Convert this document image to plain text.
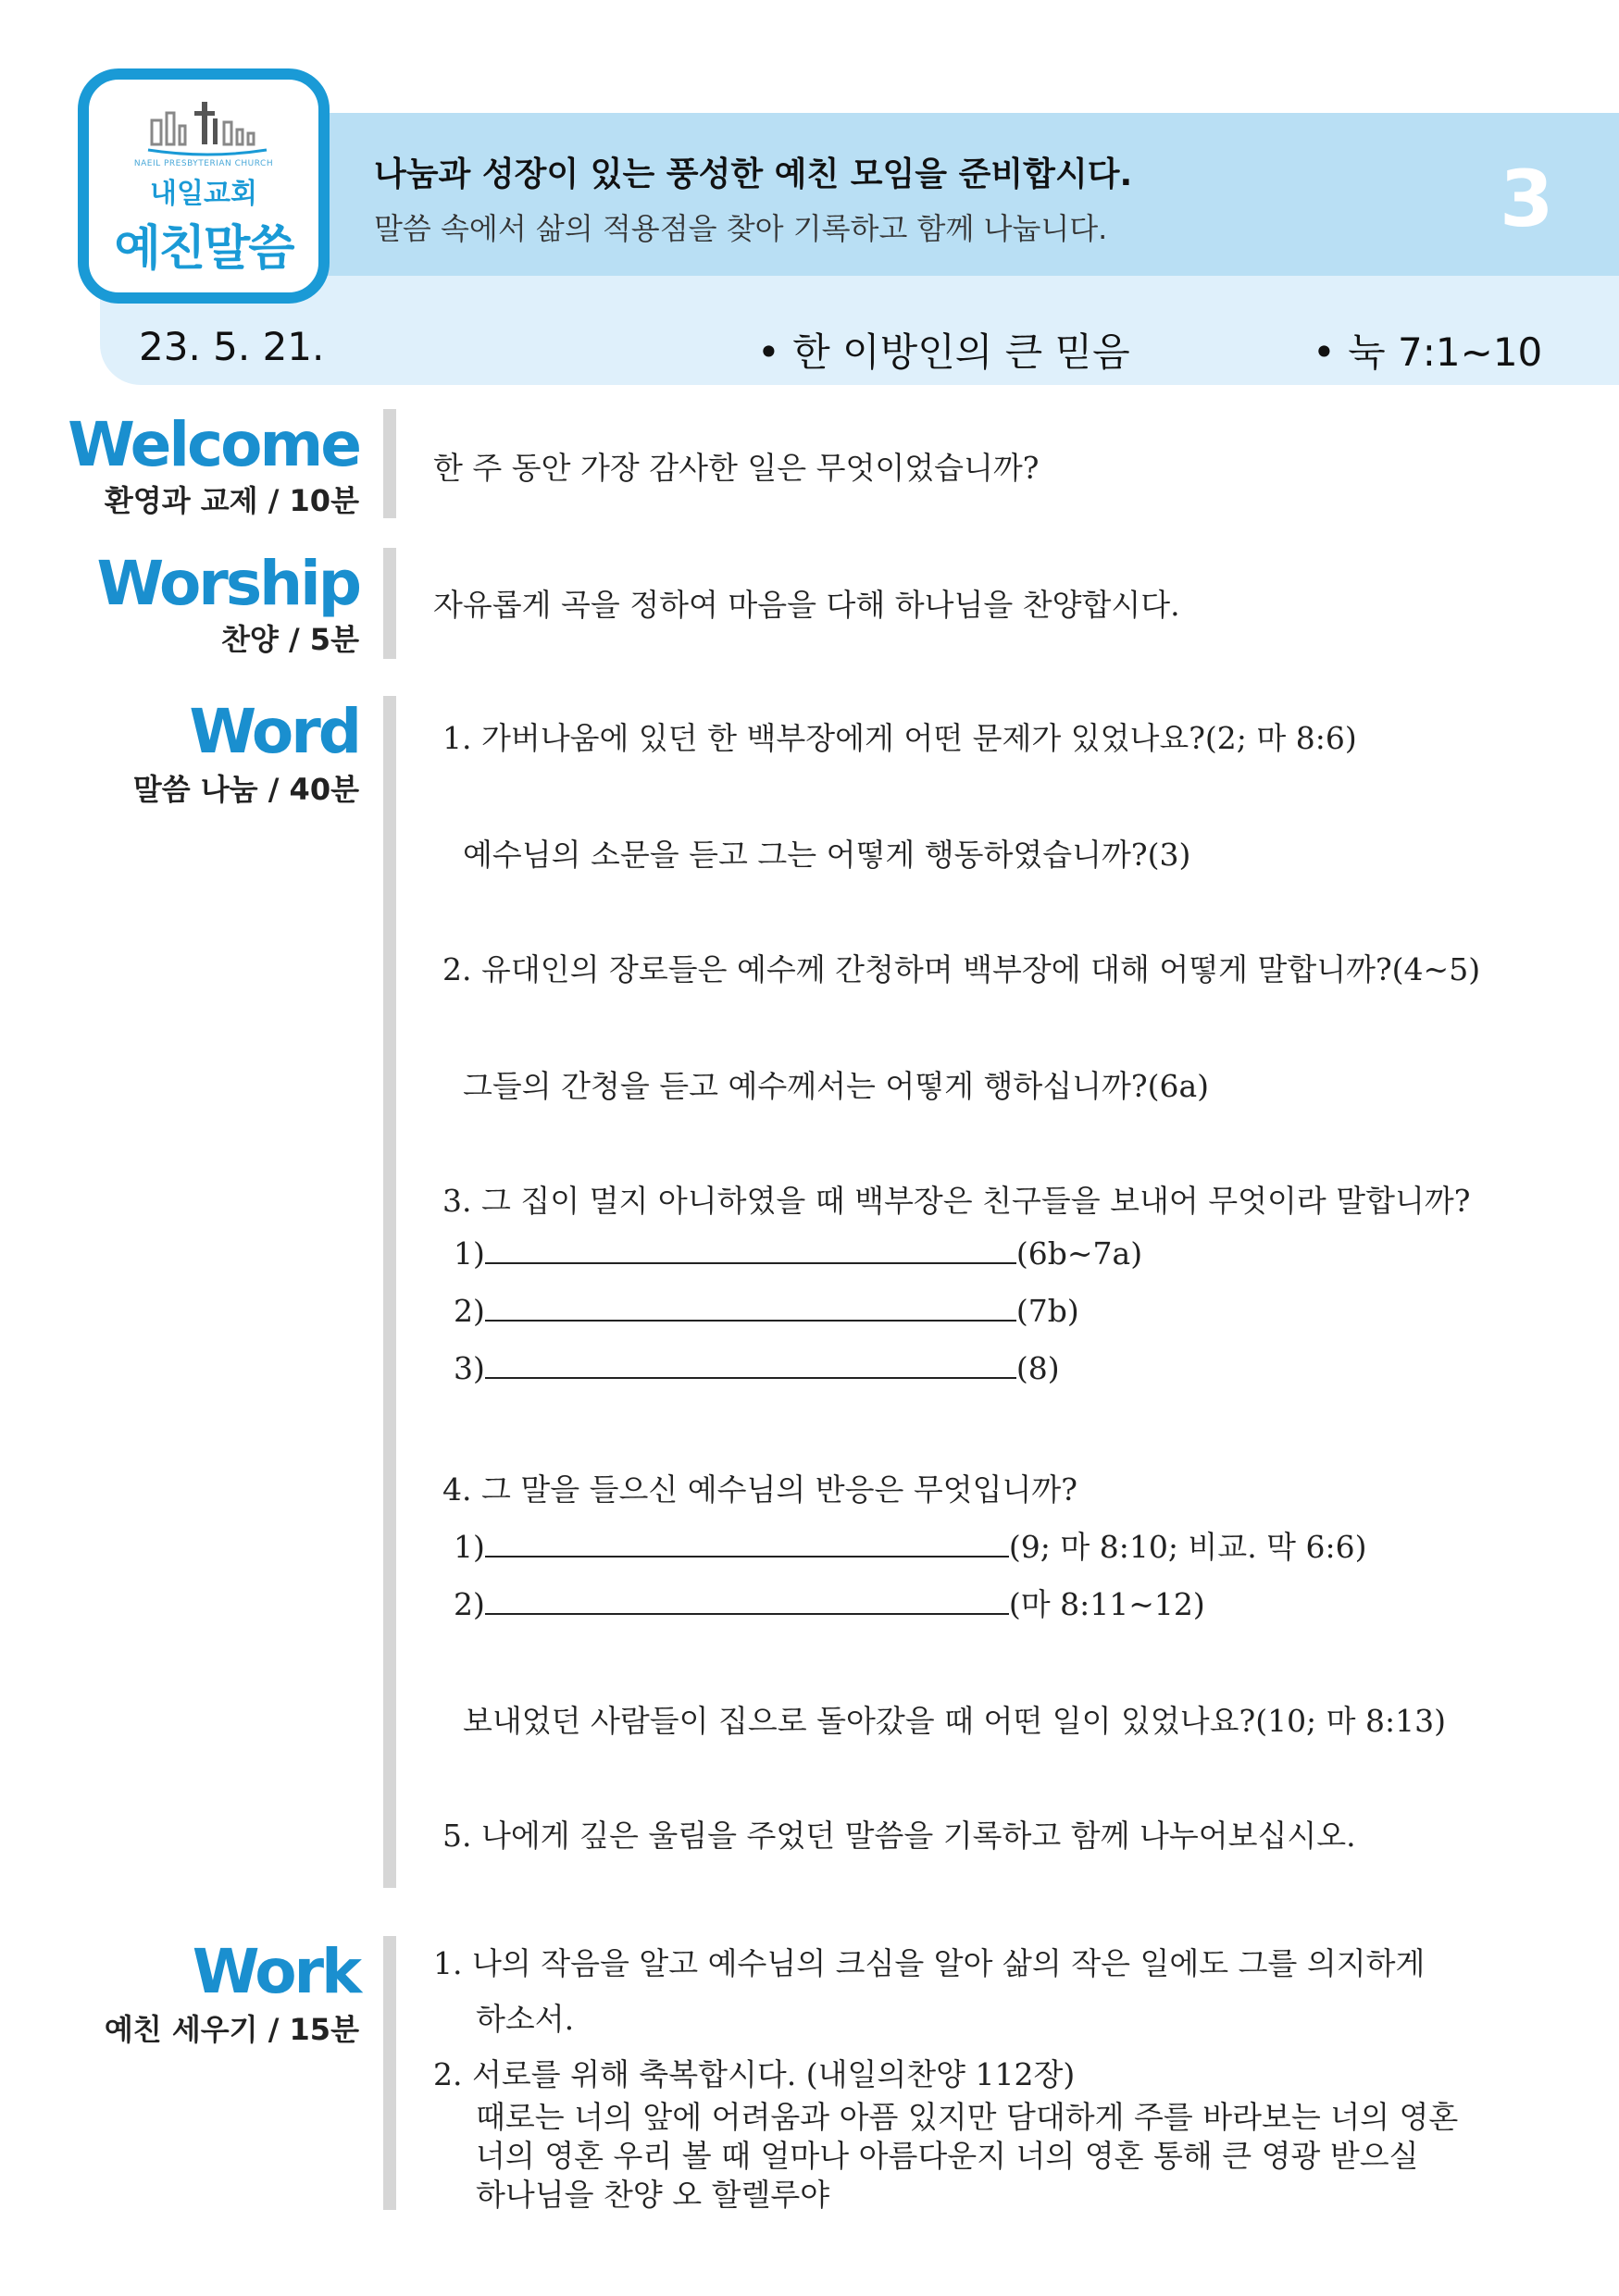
NAEIL PRESBYTERIAN CHURCH
내일교회
예친말씀
나눔과 성장이 있는 풍성한 예친 모임을 준비합시다.
말씀 속에서 삶의 적용점을 찾아 기록하고 함께 나눕니다.	3
23. 5. 21.	• 한 이방인의 큰 믿음	• 눅 7:1~10
Welcome
환영과 교제 / 10분
한 주 동안 가장 감사한 일은 무엇이었습니까?
Worship
찬양 / 5분
자유롭게 곡을 정하여 마음을 다해 하나님을 찬양합시다.
Word
말씀 나눔 / 40분
1. 가버나움에 있던 한 백부장에게 어떤 문제가 있었나요?(2; 마 8:6)
예수님의 소문을 듣고 그는 어떻게 행동하였습니까?(3)
2. 유대인의 장로들은 예수께 간청하며 백부장에 대해 어떻게 말합니까?(4~5)
그들의 간청을 듣고 예수께서는 어떻게 행하십니까?(6a)
3. 그 집이 멀지 아니하였을 때 백부장은 친구들을 보내어 무엇이라 말합니까?
1)	(6b~7a)
2)	(7b)
3)	(8)
4. 그 말을 들으신 예수님의 반응은 무엇입니까?
1)	(9; 마 8:10; 비교. 막 6:6)
2)	(마 8:11~12)
보내었던 사람들이 집으로 돌아갔을 때 어떤 일이 있었나요?(10; 마 8:13)
5. 나에게 깊은 울림을 주었던 말씀을 기록하고 함께 나누어보십시오.
Work
예친 세우기 / 15분
1. 나의 작음을 알고 예수님의 크심을 알아 삶의 작은 일에도 그를 의지하게
하소서.
2. 서로를 위해 축복합시다. (내일의찬양 112장)
때로는 너의 앞에 어려움과 아픔 있지만 담대하게 주를 바라보는 너의 영혼
너의 영혼 우리 볼 때 얼마나 아름다운지 너의 영혼 통해 큰 영광 받으실
하나님을 찬양 오 할렐루야
